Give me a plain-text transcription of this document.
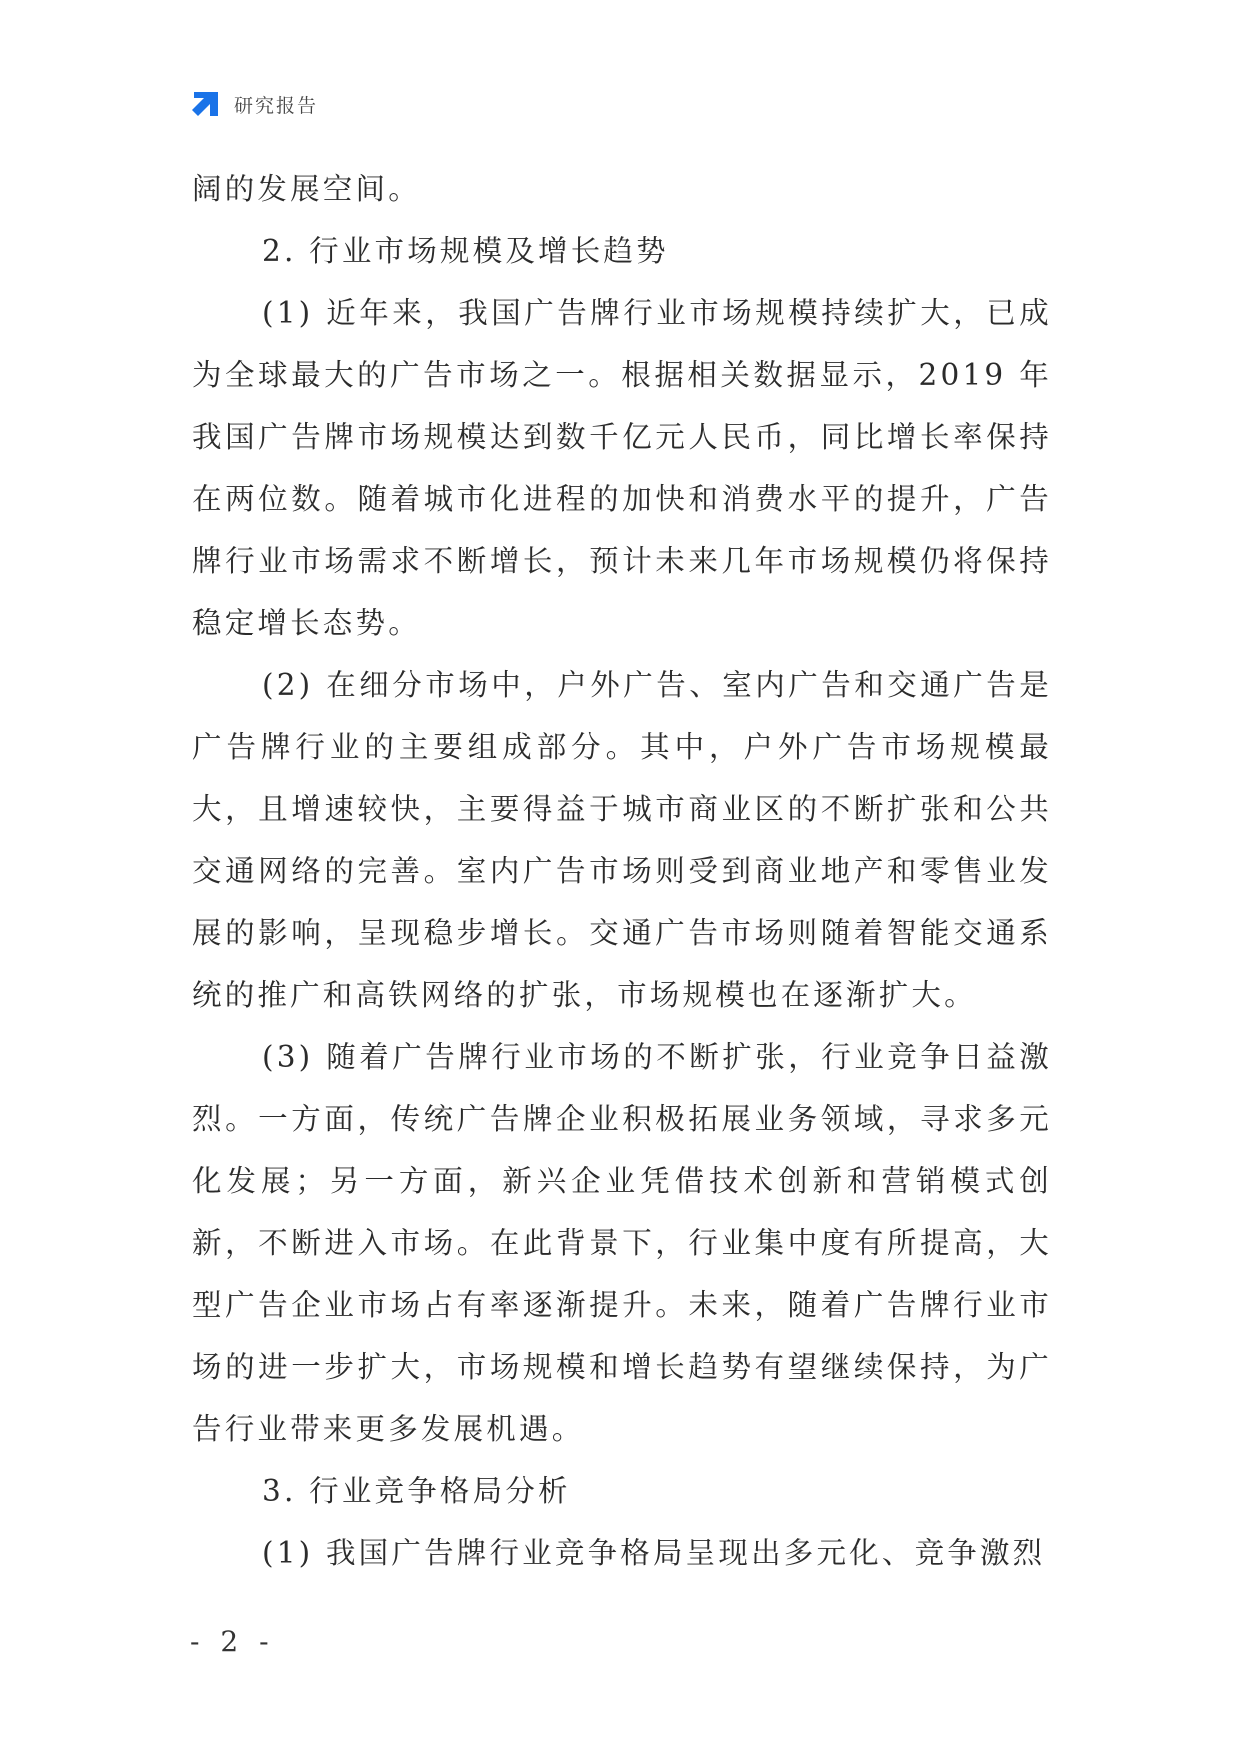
研究报告

阔的发展空间。

2. 行业市场规模及增长趋势

(1) 近年来，我国广告牌行业市场规模持续扩大，已成为全球最大的广告市场之一。根据相关数据显示，2019 年我国广告牌市场规模达到数千亿元人民币，同比增长率保持在两位数。随着城市化进程的加快和消费水平的提升，广告牌行业市场需求不断增长，预计未来几年市场规模仍将保持稳定增长态势。

(2) 在细分市场中，户外广告、室内广告和交通广告是广告牌行业的主要组成部分。其中，户外广告市场规模最大，且增速较快，主要得益于城市商业区的不断扩张和公共交通网络的完善。室内广告市场则受到商业地产和零售业发展的影响，呈现稳步增长。交通广告市场则随着智能交通系统的推广和高铁网络的扩张，市场规模也在逐渐扩大。

(3) 随着广告牌行业市场的不断扩张，行业竞争日益激烈。一方面，传统广告牌企业积极拓展业务领域，寻求多元化发展；另一方面，新兴企业凭借技术创新和营销模式创新，不断进入市场。在此背景下，行业集中度有所提高，大型广告企业市场占有率逐渐提升。未来，随着广告牌行业市场的进一步扩大，市场规模和增长趋势有望继续保持，为广告行业带来更多发展机遇。

3. 行业竞争格局分析

(1) 我国广告牌行业竞争格局呈现出多元化、竞争激烈

- 2 -
